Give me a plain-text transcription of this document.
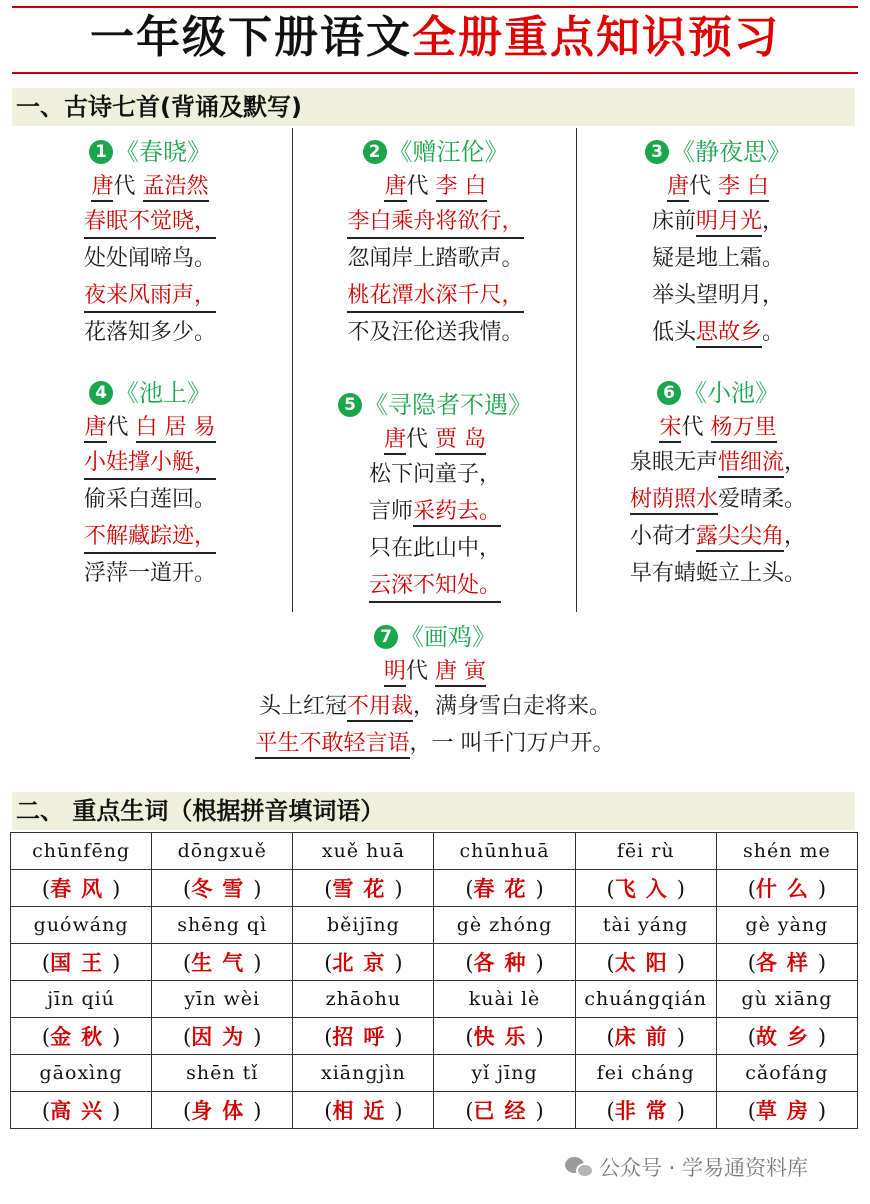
一年级下册语文全册重点知识预习
一、古诗七首(背诵及默写)
1 《春晓》
唐代 孟浩然
春眠不觉晓，
处处闻啼鸟。
夜来风雨声，
花落知多少。
2 《赠汪伦》
唐代 李 白
李白乘舟将欲行，
忽闻岸上踏歌声。
桃花潭水深千尺，
不及汪伦送我情。
3 《静夜思》
唐代 李 白
床前明月光，
疑是地上霜。
举头望明月，
低头思故乡。
4 《池上》
唐代 白 居 易
小娃撑小艇，
偷采白莲回。
不解藏踪迹，
浮萍一道开。
5 《寻隐者不遇》
唐代 贾 岛
松下问童子，
言师采药去。
只在此山中，
云深不知处。
6 《小池》
宋代 杨万里
泉眼无声惜细流，
树荫照水爱晴柔。
小荷才露尖尖角，
早有蜻蜓立上头。
7 《画鸡》
明代 唐 寅
头上红冠不用裁，满身雪白走将来。
平生不敢轻言语，一 叫千门万户开。
二、 重点生词（根据拼音填词语）
chūnfēng	dōngxuě	xuě huā	chūnhuā	fēi rù	shén me
(春风)	(冬雪)	(雪花)	(春花)	(飞入)	(什么)
guówáng	shēng qì	běijīng	gè zhóng	tài yáng	gè yàng
(国王)	(生气)	(北京)	(各种)	(太阳)	(各样)
jīn qiú	yīn wèi	zhāohu	kuài lè	chuángqián	gù xiāng
(金秋)	(因为)	(招呼)	(快乐)	(床前)	(故乡)
gāoxìng	shēn tǐ	xiāngjìn	yǐ jīng	fei cháng	cǎofáng
(高兴)	(身体)	(相近)	(已经)	(非常)	(草房)
公众号 · 学易通资料库
